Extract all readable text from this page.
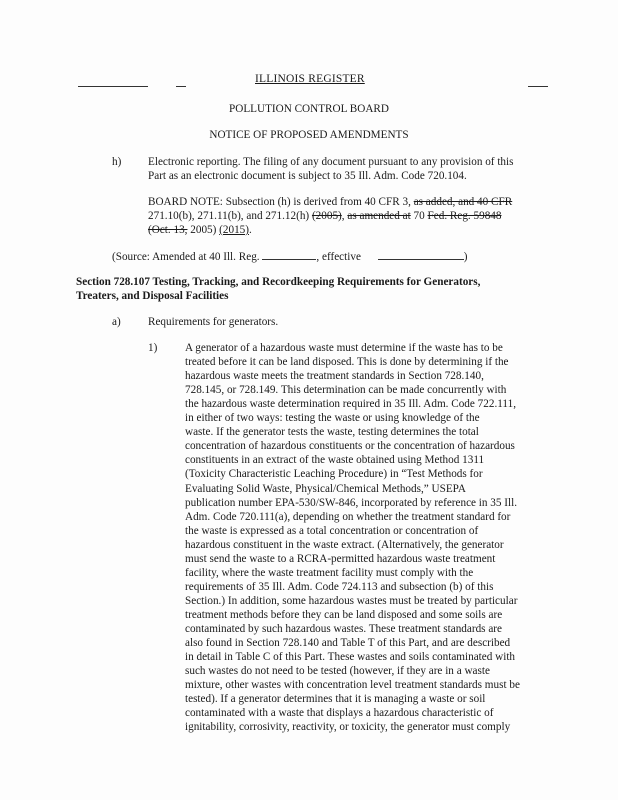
ILLINOIS REGISTER
POLLUTION CONTROL BOARD
NOTICE OF PROPOSED AMENDMENTS
h) Electronic reporting. The filing of any document pursuant to any provision of this
Part as an electronic document is subject to 35 Ill. Adm. Code 720.104.
BOARD NOTE: Subsection (h) is derived from 40 CFR 3, as added, and 40 CFR
271.10(b), 271.11(b), and 271.12(h) (2005), as amended at 70 Fed. Reg. 59848
(Oct. 13, 2005) (2015).
(Source: Amended at 40 Ill. Reg.	, effective	)
Section 728.107 Testing, Tracking, and Recordkeeping Requirements for Generators,
Treaters, and Disposal Facilities
a) Requirements for generators.
1) A generator of a hazardous waste must determine if the waste has to be
treated before it can be land disposed. This is done by determining if the
hazardous waste meets the treatment standards in Section 728.140,
728.145, or 728.149. This determination can be made concurrently with
the hazardous waste determination required in 35 Ill. Adm. Code 722.111,
in either of two ways: testing the waste or using knowledge of the
waste. If the generator tests the waste, testing determines the total
concentration of hazardous constituents or the concentration of hazardous
constituents in an extract of the waste obtained using Method 1311
(Toxicity Characteristic Leaching Procedure) in “Test Methods for
Evaluating Solid Waste, Physical/Chemical Methods,” USEPA
publication number EPA-530/SW-846, incorporated by reference in 35 Ill.
Adm. Code 720.111(a), depending on whether the treatment standard for
the waste is expressed as a total concentration or concentration of
hazardous constituent in the waste extract. (Alternatively, the generator
must send the waste to a RCRA-permitted hazardous waste treatment
facility, where the waste treatment facility must comply with the
requirements of 35 Ill. Adm. Code 724.113 and subsection (b) of this
Section.) In addition, some hazardous wastes must be treated by particular
treatment methods before they can be land disposed and some soils are
contaminated by such hazardous wastes. These treatment standards are
also found in Section 728.140 and Table T of this Part, and are described
in detail in Table C of this Part. These wastes and soils contaminated with
such wastes do not need to be tested (however, if they are in a waste
mixture, other wastes with concentration level treatment standards must be
tested). If a generator determines that it is managing a waste or soil
contaminated with a waste that displays a hazardous characteristic of
ignitability, corrosivity, reactivity, or toxicity, the generator must comply
